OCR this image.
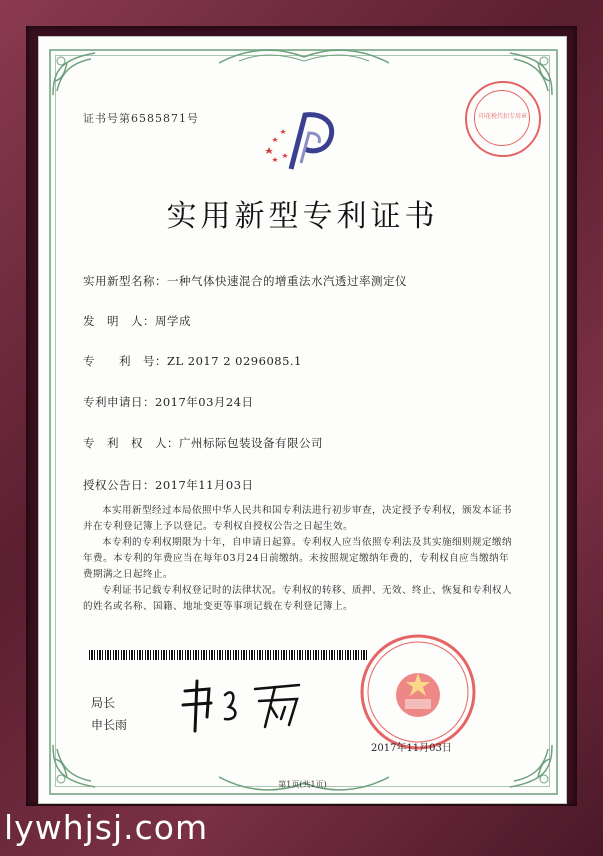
证书号第6585871号	印花税代扣专用章
实用新型专利证书
实用新型名称：一种气体快速混合的增重法水汽透过率测定仪
发　明　人：周学成
专　　利　号：ZL 2017 2 0296085.1
专利申请日：2017年03月24日
专　利　权　人：广州标际包装设备有限公司
授权公告日：2017年11月03日
本实用新型经过本局依照中华人民共和国专利法进行初步审查，决定授予专利权，颁发本证书并在专利登记簿上予以登记。专利权自授权公告之日起生效。
本专利的专利权期限为十年，自申请日起算。专利权人应当依照专利法及其实施细则规定缴纳年费。本专利的年费应当在每年03月24日前缴纳。未按照规定缴纳年费的，专利权自应当缴纳年费期满之日起终止。
专利证书记载专利权登记时的法律状况。专利权的转移、质押、无效、终止、恢复和专利权人的姓名或名称、国籍、地址变更等事项记载在专利登记簿上。
局长
申长雨
2017年11月03日
第1页(共1页)
lywhjsj.com
